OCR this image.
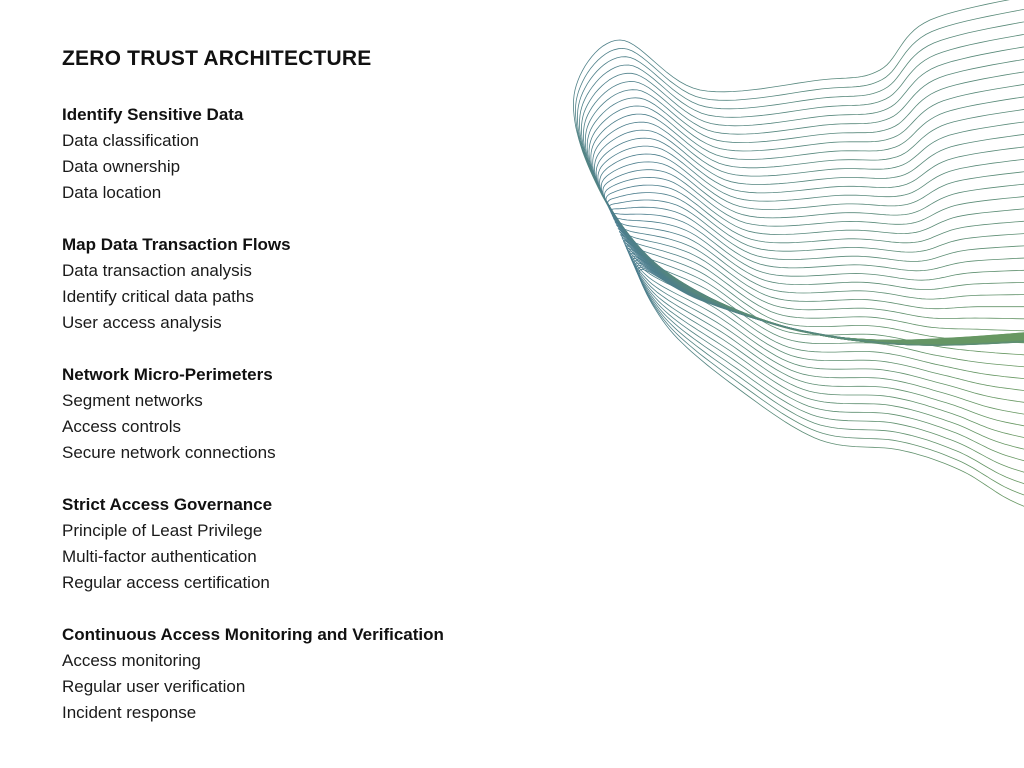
ZERO TRUST ARCHITECTURE

Identify Sensitive Data

Data classification

Data ownership

Data location

Map Data Transaction Flows

Data transaction analysis

Identify critical data paths

User access analysis

Network Micro-Perimeters

Segment networks

Access controls

Secure network connections

Strict Access Governance

Principle of Least Privilege

Multi-factor authentication

Regular access certification

Continuous Access Monitoring and Verification

Access monitoring

Regular user verification

Incident response
